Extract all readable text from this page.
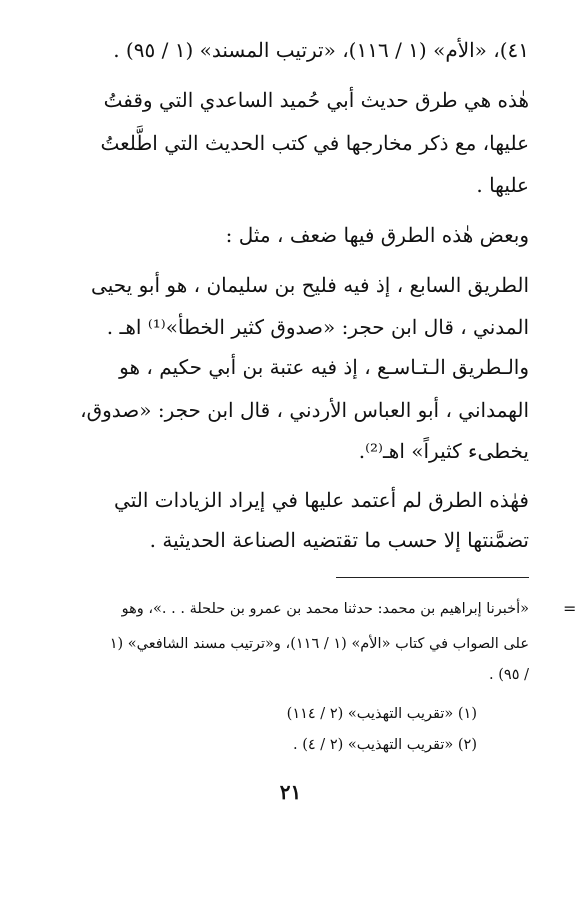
٤١)، «الأم» (١ / ١١٦)، «ترتيب المسند» (١ / ٩٥) .
هٰذه هي طرق حديث أبي حُميد الساعدي التي وقفتُ
عليها، مع ذكر مخارجها في كتب الحديث التي اطَّلعتُ
عليها .
وبعض هٰذه الطرق فيها ضعف ، مثل :
الطريق السابع ، إذ فيه فليح بن سليمان ، هو أبو يحيى
المدني ، قال ابن حجر: «صدوق كثير الخطأ»⁽¹⁾ اهـ .
والـطريق الـتـاسـع ، إذ فيه عتبة بن أبي حكيم ، هو
الهمداني ، أبو العباس الأردني ، قال ابن حجر: «صدوق،
يخطىء كثيراً» اهـ⁽²⁾.
فهٰذه الطرق لم أعتمد عليها في إيراد الزيادات التي
تضمَّنتها إلا حسب ما تقتضيه الصناعة الحديثية .
=
«أخبرنا إبراهيم بن محمد: حدثنا محمد بن عمرو بن حلحلة . . .»، وهو
على الصواب في كتاب «الأم» (١ / ١١٦)، و«ترتيب مسند الشافعي» (١
/ ٩٥) .
(١) «تقريب التهذيب» (٢ / ١١٤)
(٢) «تقريب التهذيب» (٢ / ٤) .
٢١
